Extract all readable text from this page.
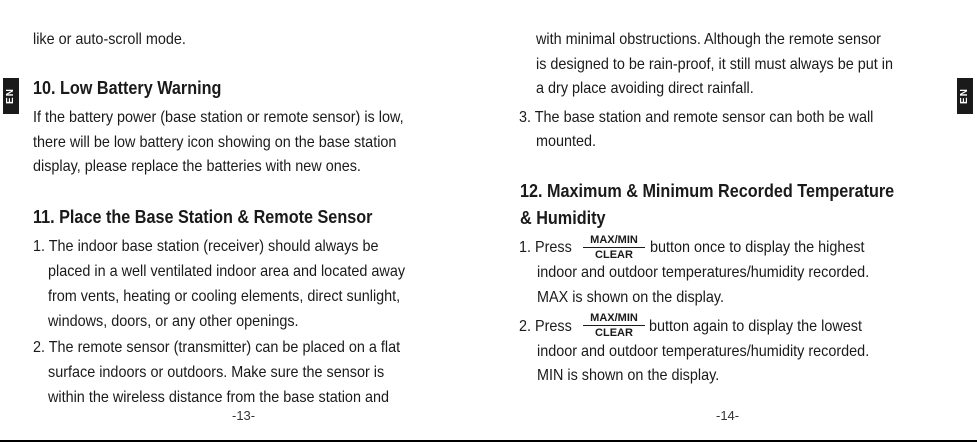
EN	EN
like or auto-scroll mode.
10. Low Battery Warning
If the battery power (base station or remote sensor) is low,
there will be low battery icon showing on the base station
display, please replace the batteries with new ones.
11. Place the Base Station & Remote Sensor
1. The indoor base station (receiver) should always be
placed in a well ventilated indoor area and located away
from vents, heating or cooling elements, direct sunlight,
windows, doors, or any other openings.
2. The remote sensor (transmitter) can be placed on a flat
surface indoors or outdoors. Make sure the sensor is
within the wireless distance from the base station and
-13-
with minimal obstructions. Although the remote sensor
is designed to be rain-proof, it still must always be put in
a dry place avoiding direct rainfall.
3. The base station and remote sensor can both be wall
mounted.
12. Maximum & Minimum Recorded Temperature
& Humidity
1. Press	MAX/MIN
CLEAR	button once to display the highest
indoor and outdoor temperatures/humidity recorded.
MAX is shown on the display.
2. Press	MAX/MIN
CLEAR	button again to display the lowest
indoor and outdoor temperatures/humidity recorded.
MIN is shown on the display.
-14-
